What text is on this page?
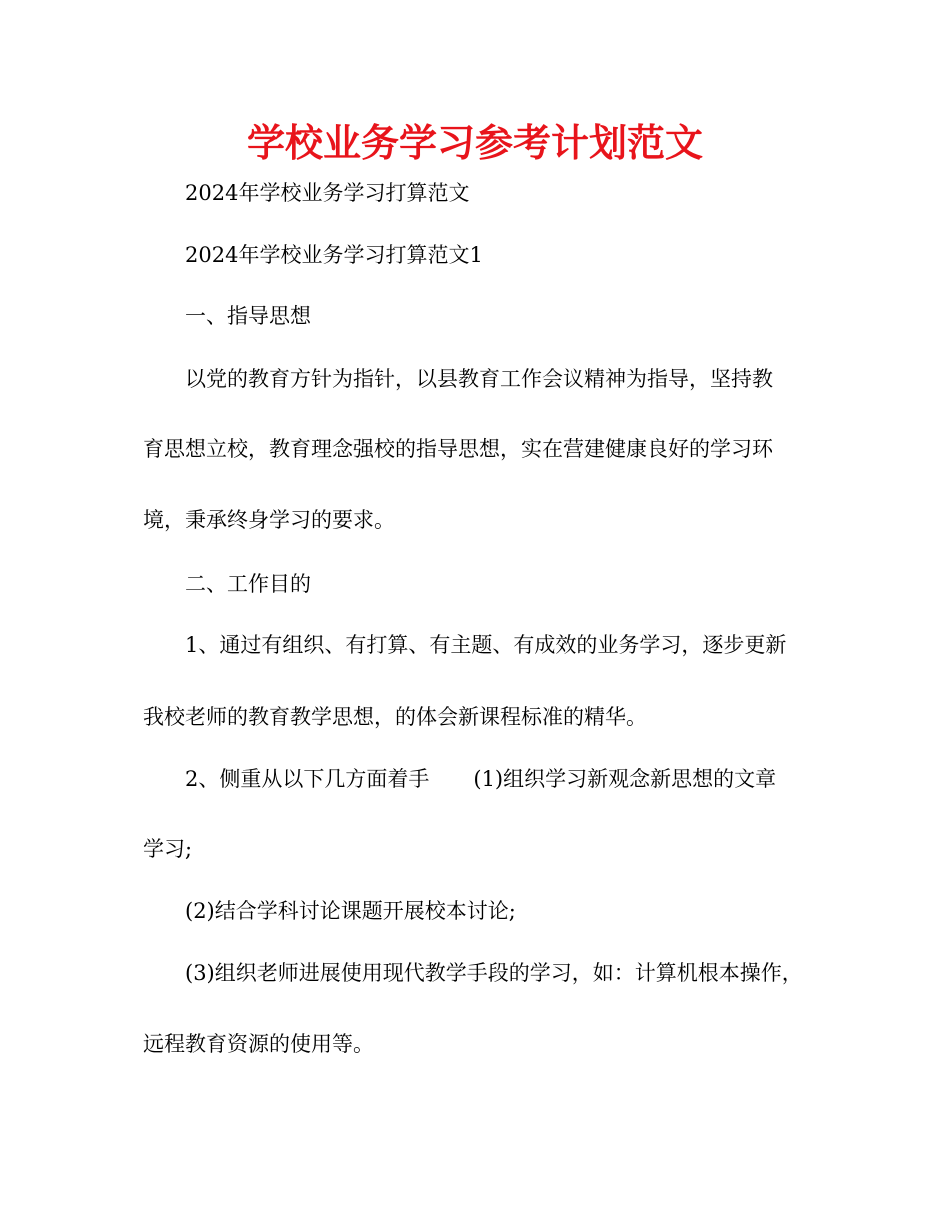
学校业务学习参考计划范文

2024年学校业务学习打算范文

2024年学校业务学习打算范文1

一、指导思想

以党的教育方针为指针，以县教育工作会议精神为指导，坚持教

育思想立校，教育理念强校的指导思想，实在营建健康良好的学习环

境，秉承终身学习的要求。

二、工作目的

1、通过有组织、有打算、有主题、有成效的业务学习，逐步更新

我校老师的教育教学思想，的体会新课程标准的精华。

2、侧重从以下几方面着手 (1)组织学习新观念新思想的文章

学习;

(2)结合学科讨论课题开展校本讨论;

(3)组织老师进展使用现代教学手段的学习，如：计算机根本操作，

远程教育资源的使用等。
